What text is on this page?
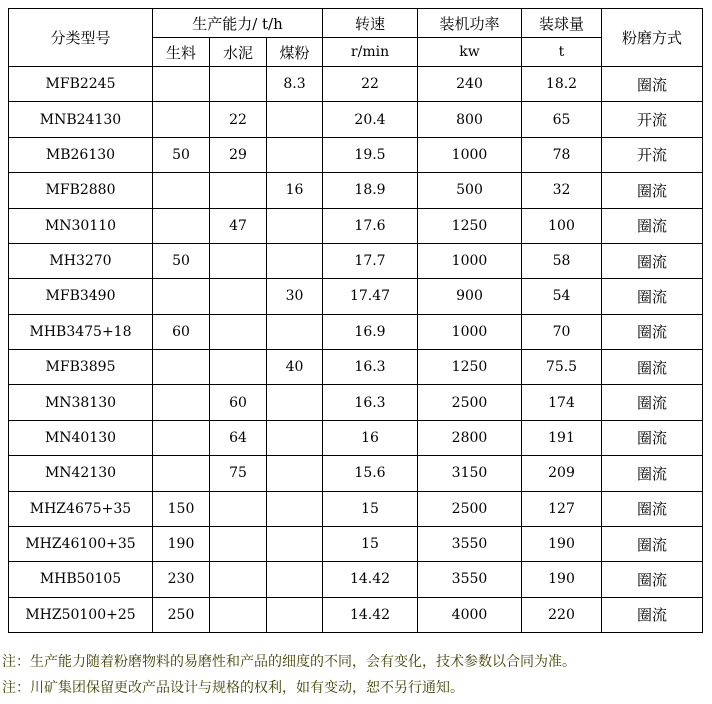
分类型号	生产能力/ t/h			转速	装机功率	装球量	粉磨方式
	生料	水泥	煤粉	r/min	kw	t	
MFB2245			8.3	22	240	18.2	圈流
MNB24130		22		20.4	800	65	开流
MB26130	50	29		19.5	1000	78	开流
MFB2880			16	18.9	500	32	圈流
MN30110		47		17.6	1250	100	圈流
MH3270	50			17.7	1000	58	圈流
MFB3490			30	17.47	900	54	圈流
MHB3475+18	60			16.9	1000	70	圈流
MFB3895			40	16.3	1250	75.5	圈流
MN38130		60		16.3	2500	174	圈流
MN40130		64		16	2800	191	圈流
MN42130		75		15.6	3150	209	圈流
MHZ4675+35	150			15	2500	127	圈流
MHZ46100+35	190			15	3550	190	圈流
MHB50105	230			14.42	3550	190	圈流
MHZ50100+25	250			14.42	4000	220	圈流
注：生产能力随着粉磨物料的易磨性和产品的细度的不同，会有变化，技术参数以合同为准。
注：川矿集团保留更改产品设计与规格的权利，如有变动，恕不另行通知。
